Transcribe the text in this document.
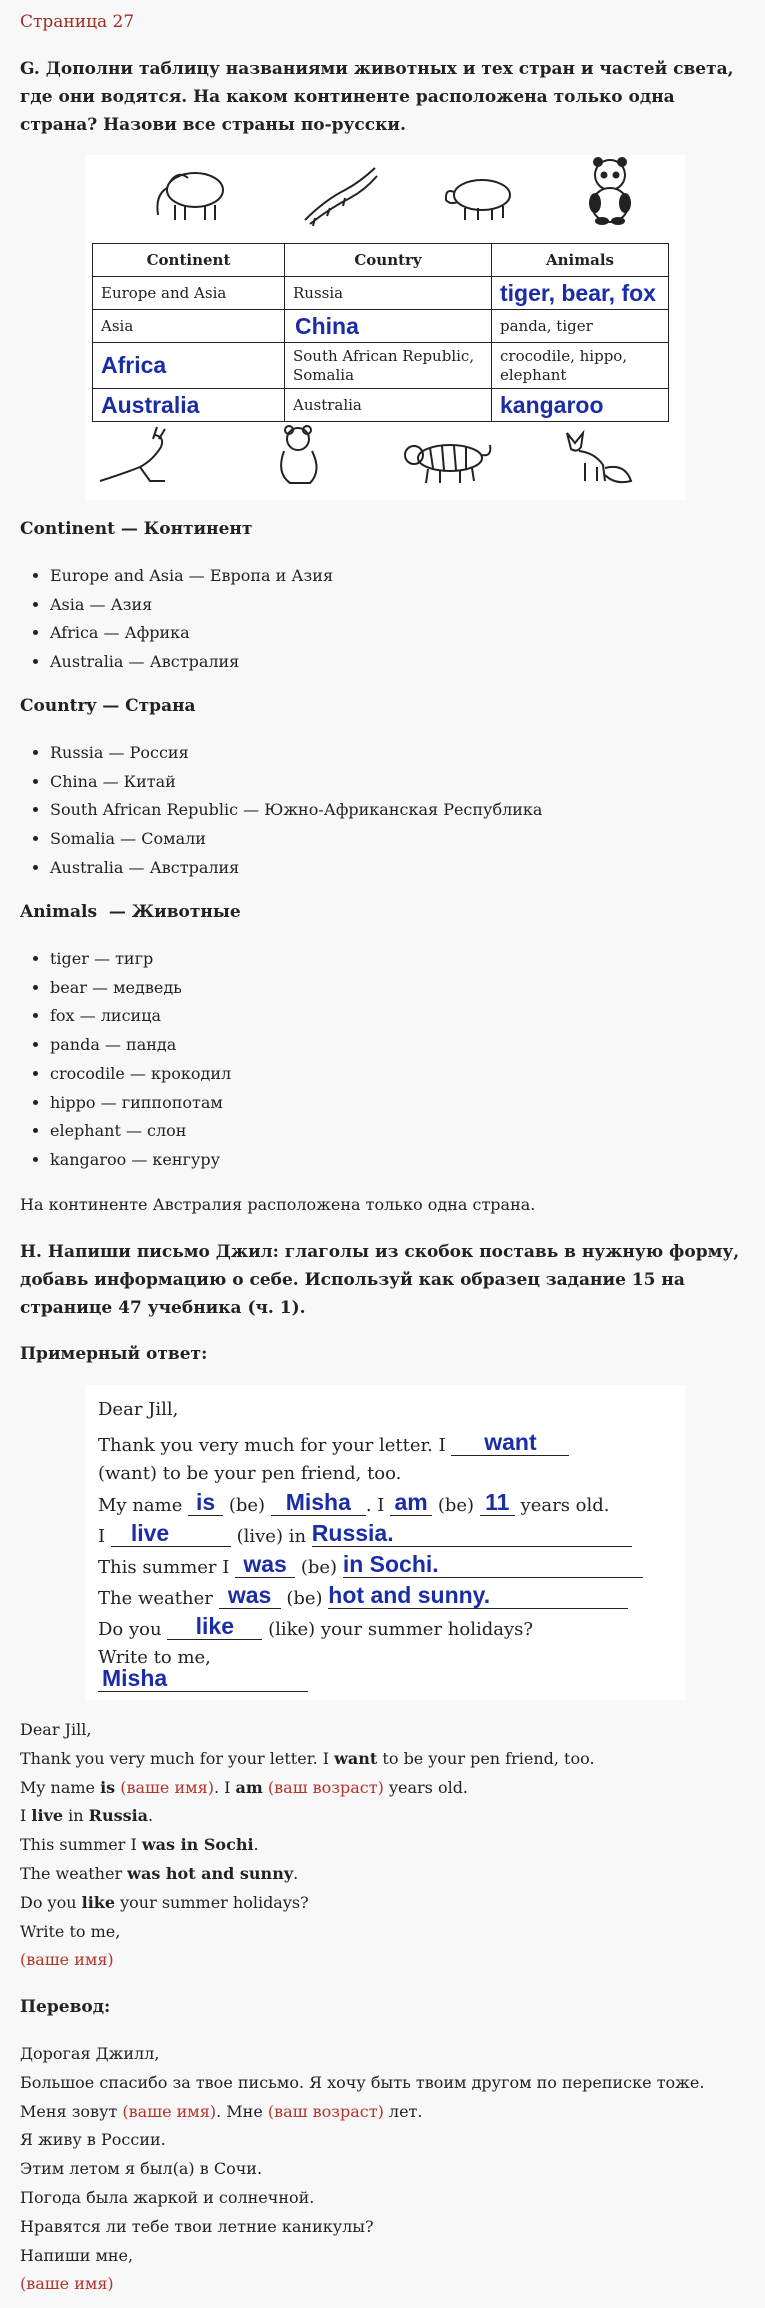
Страница 27
G. Дополни таблицу названиями животных и тех стран и частей света, где они водятся. На каком континенте расположена только одна страна? Назови все страны по-русски.
Continent	Country	Animals
Europe and Asia	Russia	tiger, bear, fox
Asia	China	panda, tiger
Africa	South African Republic, Somalia	crocodile, hippo, elephant
Australia	Australia	kangaroo
Continent — Континент
• Europe and Asia — Европа и Азия
• Asia — Азия
• Africa — Африка
• Australia — Австралия
Country — Страна
• Russia — Россия
• China — Китай
• South African Republic — Южно-Африканская Республика
• Somalia — Сомали
• Australia — Австралия
Animals  — Животные
• tiger — тигр
• bear — медведь
• fox — лисица
• panda — панда
• crocodile — крокодил
• hippo — гиппопотам
• elephant — слон
• kangaroo — кенгуру
На континенте Австралия расположена только одна страна.
H. Напиши письмо Джил: глаголы из скобок поставь в нужную форму, добавь информацию о себе. Используй как образец задание 15 на странице 47 учебника (ч. 1).
Примерный ответ:
Dear Jill,
Thank you very much for your letter. I	want
(want) to be your pen friend, too.
My name is (be) Misha . I am (be) 11 years old.
I	live	(live) in Russia.
This summer I was (be) in Sochi.
The weather was (be) hot and sunny.
Do you	like	(like) your summer holidays?
Write to me,
Misha
Dear Jill,
Thank you very much for your letter. I want to be your pen friend, too.
My name is (ваше имя). I am (ваш возраст) years old.
I live in Russia.
This summer I was in Sochi.
The weather was hot and sunny.
Do you like your summer holidays?
Write to me,
(ваше имя)
Перевод:
Дорогая Джилл,
Большое спасибо за твое письмо. Я хочу быть твоим другом по переписке тоже.
Меня зовут (ваше имя). Мне (ваш возраст) лет.
Я живу в России.
Этим летом я был(а) в Сочи.
Погода была жаркой и солнечной.
Нравятся ли тебе твои летние каникулы?
Напиши мне,
(ваше имя)
